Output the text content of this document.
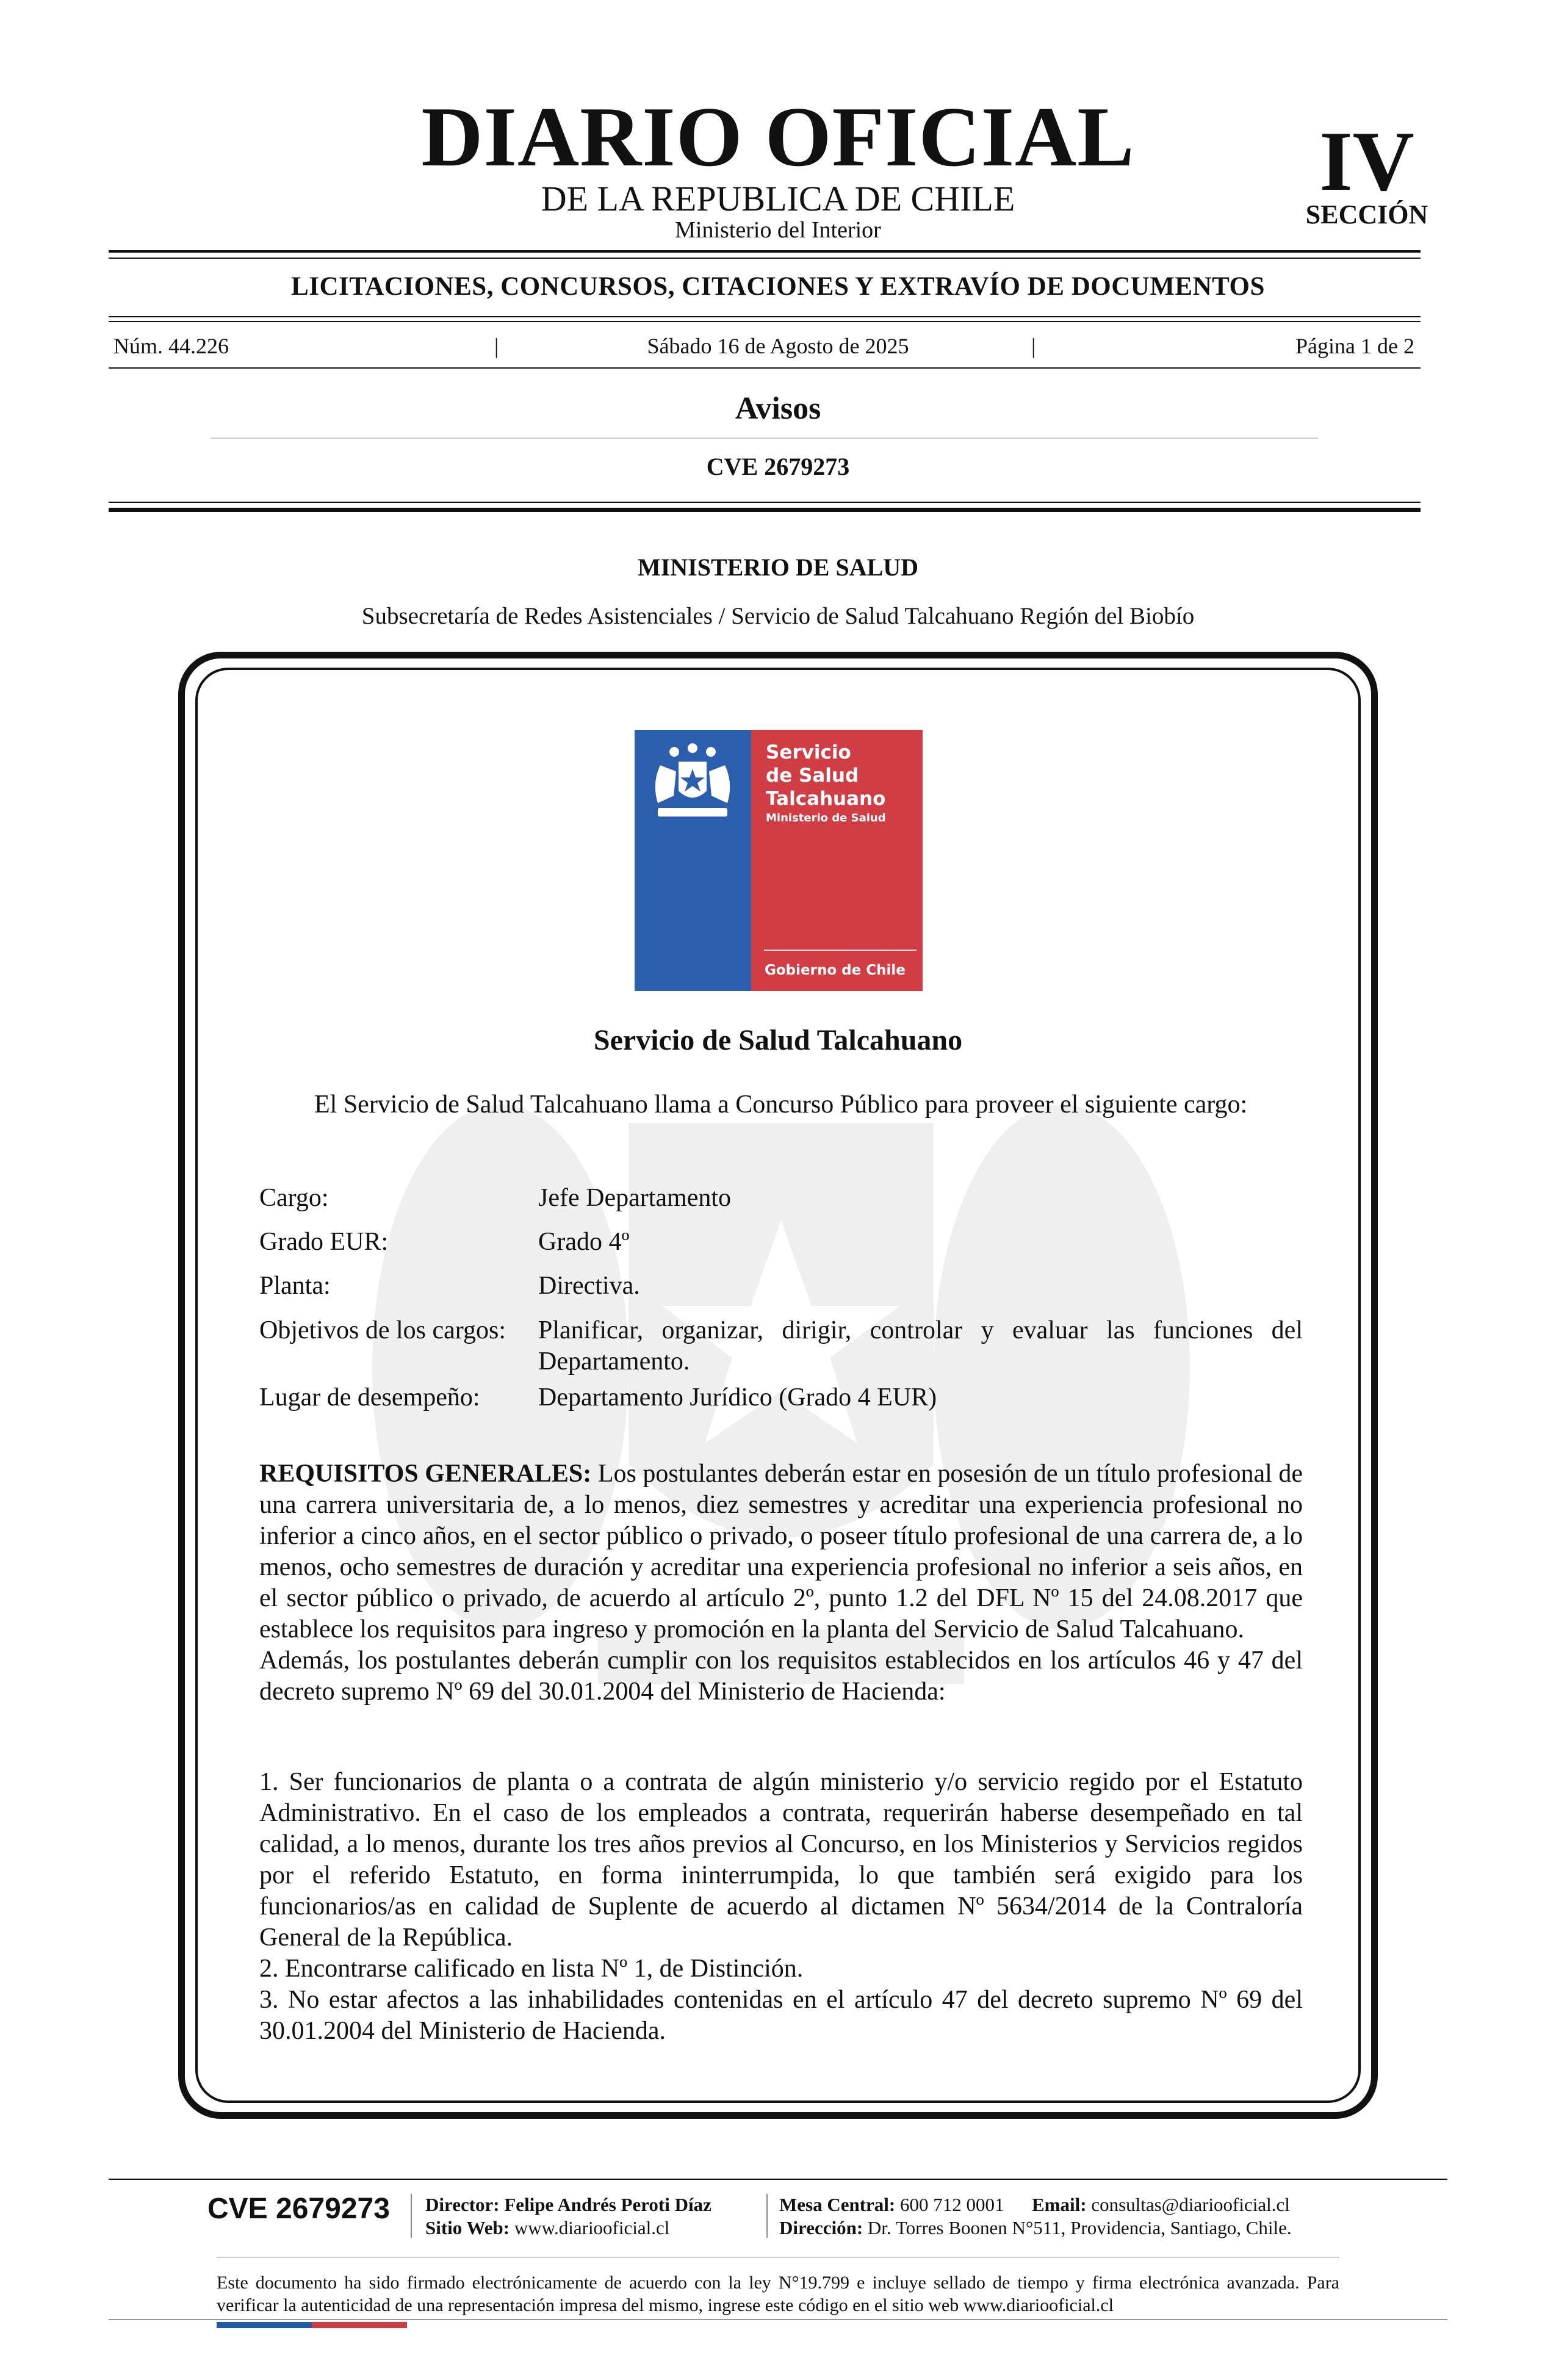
DIARIO OFICIAL
DE LA REPUBLICA DE CHILE
Ministerio del Interior
IV
SECCIÓN
LICITACIONES, CONCURSOS, CITACIONES Y EXTRAVÍO DE DOCUMENTOS
Núm. 44.226	|	Sábado 16 de Agosto de 2025	|	Página 1 de 2
Avisos
CVE 2679273
MINISTERIO DE SALUD
Subsecretaría de Redes Asistenciales / Servicio de Salud Talcahuano Región del Biobío
Servicio
de Salud
Talcahuano
Ministerio de Salud
Gobierno de Chile
Servicio de Salud Talcahuano

El Servicio de Salud Talcahuano llama a Concurso Público para proveer el siguiente cargo:

Cargo:	Jefe Departamento
Grado EUR:	Grado 4º
Planta:	Directiva.
Objetivos de los cargos:	Planificar, organizar, dirigir, controlar y evaluar las funciones del Departamento.
Lugar de desempeño:	Departamento Jurídico (Grado 4 EUR)

REQUISITOS GENERALES: Los postulantes deberán estar en posesión de un título profesional de una carrera universitaria de, a lo menos, diez semestres y acreditar una experiencia profesional no inferior a cinco años, en el sector público o privado, o poseer título profesional de una carrera de, a lo menos, ocho semestres de duración y acreditar una experiencia profesional no inferior a seis años, en el sector público o privado, de acuerdo al artículo 2º, punto 1.2 del DFL Nº 15 del 24.08.2017 que establece los requisitos para ingreso y promoción en la planta del Servicio de Salud Talcahuano.

Además, los postulantes deberán cumplir con los requisitos establecidos en los artículos 46 y 47 del decreto supremo Nº 69 del 30.01.2004 del Ministerio de Hacienda:

1. Ser funcionarios de planta o a contrata de algún ministerio y/o servicio regido por el Estatuto Administrativo. En el caso de los empleados a contrata, requerirán haberse desempeñado en tal calidad, a lo menos, durante los tres años previos al Concurso, en los Ministerios y Servicios regidos por el referido Estatuto, en forma ininterrumpida, lo que también será exigido para los funcionarios/as en calidad de Suplente de acuerdo al dictamen Nº 5634/2014 de la Contraloría General de la República.

2. Encontrarse calificado en lista Nº 1, de Distinción.

3. No estar afectos a las inhabilidades contenidas en el artículo 47 del decreto supremo Nº 69 del 30.01.2004 del Ministerio de Hacienda.

CVE 2679273 Director: Felipe Andrés Peroti Díaz
Sitio Web: www.diariooficial.cl
Mesa Central: 600 712 0001 Email: consultas@diariooficial.cl
Dirección: Dr. Torres Boonen N°511, Providencia, Santiago, Chile.
Este documento ha sido firmado electrónicamente de acuerdo con la ley N°19.799 e incluye sellado de tiempo y firma electrónica avanzada. Para verificar la autenticidad de una representación impresa del mismo, ingrese este código en el sitio web www.diariooficial.cl
